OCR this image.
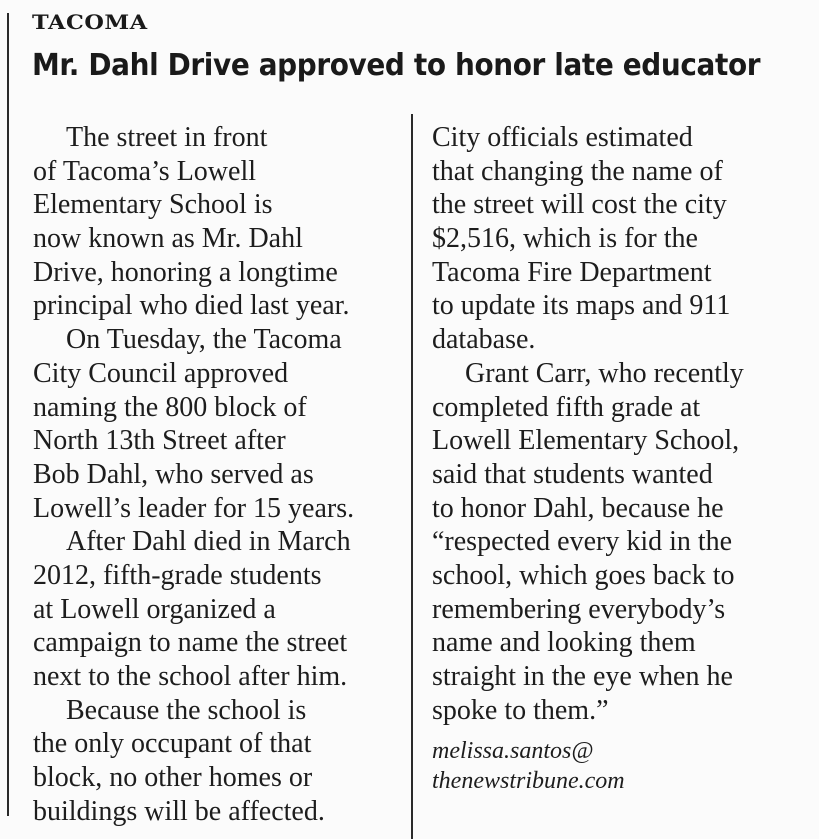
TACOMA
Mr. Dahl Drive approved to honor late educator
The street in front
of Tacoma’s Lowell
Elementary School is
now known as Mr. Dahl
Drive, honoring a longtime
principal who died last year.
On Tuesday, the Tacoma
City Council approved
naming the 800 block of
North 13th Street after
Bob Dahl, who served as
Lowell’s leader for 15 years.
After Dahl died in March
2012, fifth-grade students
at Lowell organized a
campaign to name the street
next to the school after him.
Because the school is
the only occupant of that
block, no other homes or
buildings will be affected.
City officials estimated
that changing the name of
the street will cost the city
$2,516, which is for the
Tacoma Fire Department
to update its maps and 911
database.
Grant Carr, who recently
completed fifth grade at
Lowell Elementary School,
said that students wanted
to honor Dahl, because he
“respected every kid in the
school, which goes back to
remembering everybody’s
name and looking them
straight in the eye when he
spoke to them.”
melissa.santos@
thenewstribune.com
